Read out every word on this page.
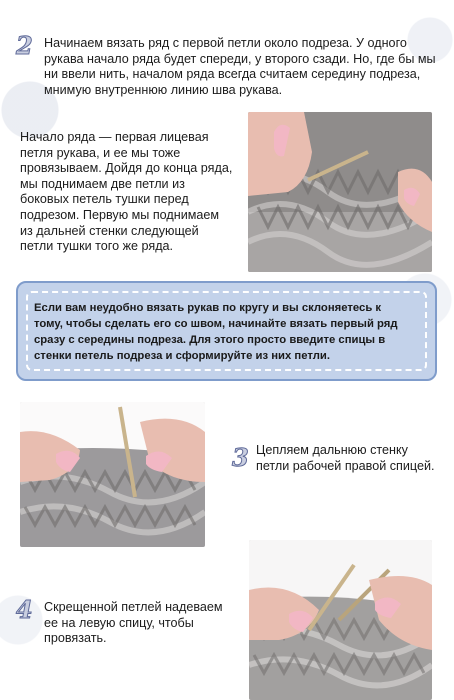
2 Начинаем вязать ряд с первой петли около подреза. У одного рукава начало ряда будет спереди, у второго сзади. Но, где бы мы ни ввели нить, началом ряда всегда считаем середину подреза, мнимую внутреннюю линию шва рукава.
Начало ряда — первая лицевая петля рукава, и ее мы тоже провязываем. Дойдя до конца ряда, мы поднимаем две петли из боковых петель тушки перед подрезом. Первую мы поднимаем из дальней стенки следующей петли тушки того же ряда.
Если вам неудобно вязать рукав по кругу и вы склоняетесь к тому, чтобы сделать его со швом, начинайте вязать первый ряд сразу с середины подреза. Для этого просто введите спицы в стенки петель подреза и сформируйте из них петли.
3 Цепляем дальнюю стенку петли рабочей правой спицей.
4 Скрещенной петлей надеваем ее на левую спицу, чтобы провязать.
